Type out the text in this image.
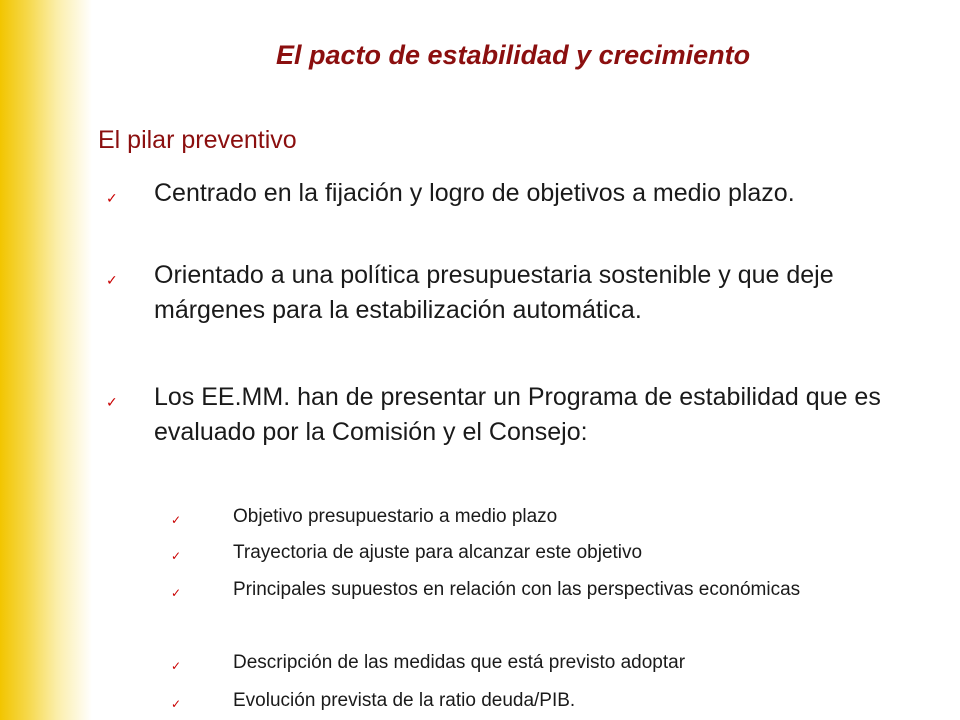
El pacto de estabilidad y crecimiento
El pilar preventivo
✓ Centrado en la fijación y logro de objetivos a medio plazo.
✓ Orientado a una política presupuestaria sostenible y que deje márgenes para la estabilización automática.
✓ Los EE.MM. han de presentar un Programa de estabilidad que es evaluado por la Comisión y el Consejo:
✓	Objetivo presupuestario a medio plazo
✓	Trayectoria de ajuste para alcanzar este objetivo
✓	Principales supuestos en relación con las perspectivas económicas
✓	Descripción de las medidas que está previsto adoptar
✓	Evolución prevista de la ratio deuda/PIB.
